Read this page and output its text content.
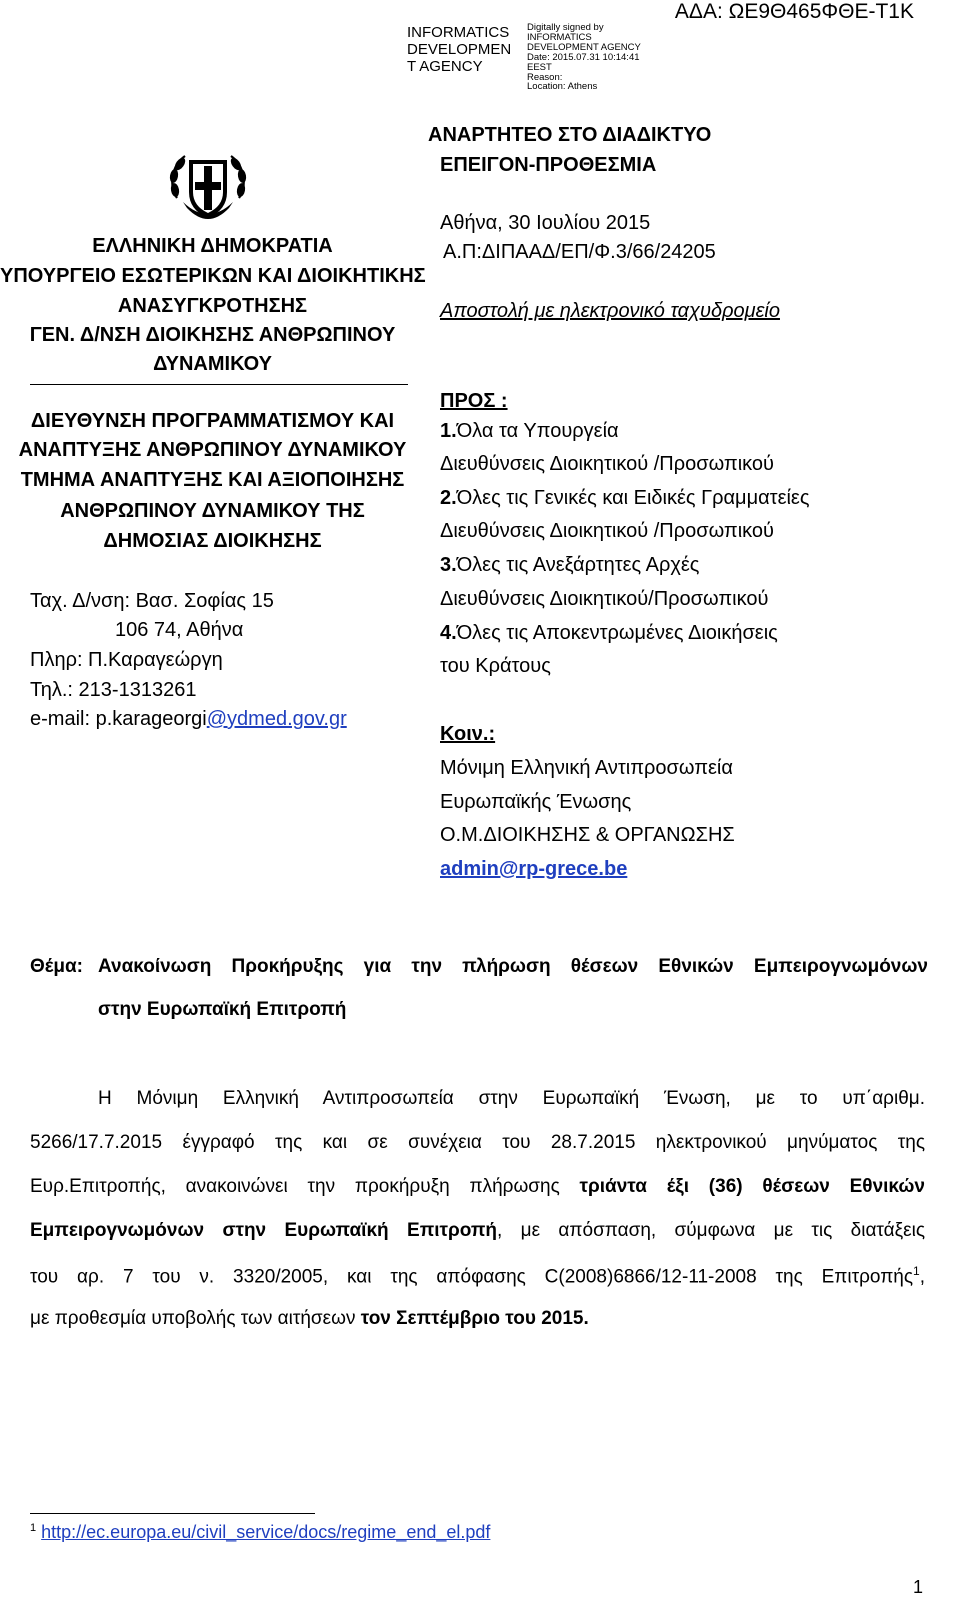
INFORMATICS
DEVELOPMEN
T AGENCY
Digitally signed by
INFORMATICS
DEVELOPMENT AGENCY
Date: 2015.07.31 10:14:41
EEST
Reason:
Location: Athens
ΑΔΑ: ΩΕ9Θ465ΦΘΕ-Τ1Κ
ΑΝΑΡΤΗΤΕΟ ΣΤΟ ΔΙΑΔΙΚΤΥΟ
ΕΠΕΙΓΟΝ-ΠΡΟΘΕΣΜΙΑ
ΕΛΛΗΝΙΚΗ ΔΗΜΟΚΡΑΤΙΑ
ΥΠΟΥΡΓΕΙΟ ΕΣΩΤΕΡΙΚΩΝ ΚΑΙ ΔΙΟΙΚΗΤΙΚΗΣ
ΑΝΑΣΥΓΚΡΟΤΗΣΗΣ
ΓΕΝ. Δ/ΝΣΗ ΔΙΟΙΚΗΣΗΣ ΑΝΘΡΩΠΙΝΟΥ
ΔΥΝΑΜΙΚΟΥ
ΔΙΕΥΘΥΝΣΗ ΠΡΟΓΡΑΜΜΑΤΙΣΜΟΥ ΚΑΙ
ΑΝΑΠΤΥΞΗΣ ΑΝΘΡΩΠΙΝΟΥ ΔΥΝΑΜΙΚΟΥ
ΤΜΗΜΑ ΑΝΑΠΤΥΞΗΣ ΚΑΙ ΑΞΙΟΠΟΙΗΣΗΣ
ΑΝΘΡΩΠΙΝΟΥ ΔΥΝΑΜΙΚΟΥ ΤΗΣ
ΔΗΜΟΣΙΑΣ ΔΙΟΙΚΗΣΗΣ
Ταχ. Δ/νση: Βασ. Σοφίας 15
106 74, Αθήνα
Πληρ: Π.Καραγεώργη
Τηλ.: 213-1313261
e-mail: p.karageorgi@ydmed.gov.gr
Αθήνα, 30 Ιουλίου 2015
Α.Π:ΔΙΠΑΑΔ/ΕΠ/Φ.3/66/24205
Αποστολή με ηλεκτρονικό ταχυδρομείο
ΠΡΟΣ :
1.Όλα τα Υπουργεία
Διευθύνσεις Διοικητικού /Προσωπικού
2.Όλες τις Γενικές και Ειδικές Γραμματείες
Διευθύνσεις Διοικητικού /Προσωπικού
3.Όλες τις Ανεξάρτητες Αρχές
Διευθύνσεις Διοικητικού/Προσωπικού
4.Όλες τις Αποκεντρωμένες Διοικήσεις
του Κράτους
Κοιν.:
Μόνιμη Ελληνική Αντιπροσωπεία
Ευρωπαϊκής Ένωσης
Ο.Μ.ΔΙΟΙΚΗΣΗΣ & ΟΡΓΑΝΩΣΗΣ
admin@rp-grece.be
Θέμα: Ανακοίνωση Προκήρυξης για την πλήρωση θέσεων Εθνικών Εμπειρογνωμόνων
στην Ευρωπαϊκή Επιτροπή
Η Μόνιμη Ελληνική Αντιπροσωπεία στην Ευρωπαϊκή Ένωση, με το υπ΄αριθμ.
5266/17.7.2015 έγγραφό της και σε συνέχεια του 28.7.2015 ηλεκτρονικού μηνύματος της
Ευρ.Επιτροπής, ανακοινώνει την προκήρυξη πλήρωσης τριάντα έξι (36) θέσεων Εθνικών
Εμπειρογνωμόνων στην Ευρωπαϊκή Επιτροπή, με απόσπαση, σύμφωνα με τις διατάξεις
του αρ. 7 του ν. 3320/2005, και της απόφασης C(2008)6866/12-11-2008 της Επιτροπής$^1$,
με προθεσμία υποβολής των αιτήσεων τον Σεπτέμβριο του 2015.
$^1$ http://ec.europa.eu/civil_service/docs/regime_end_el.pdf
1
